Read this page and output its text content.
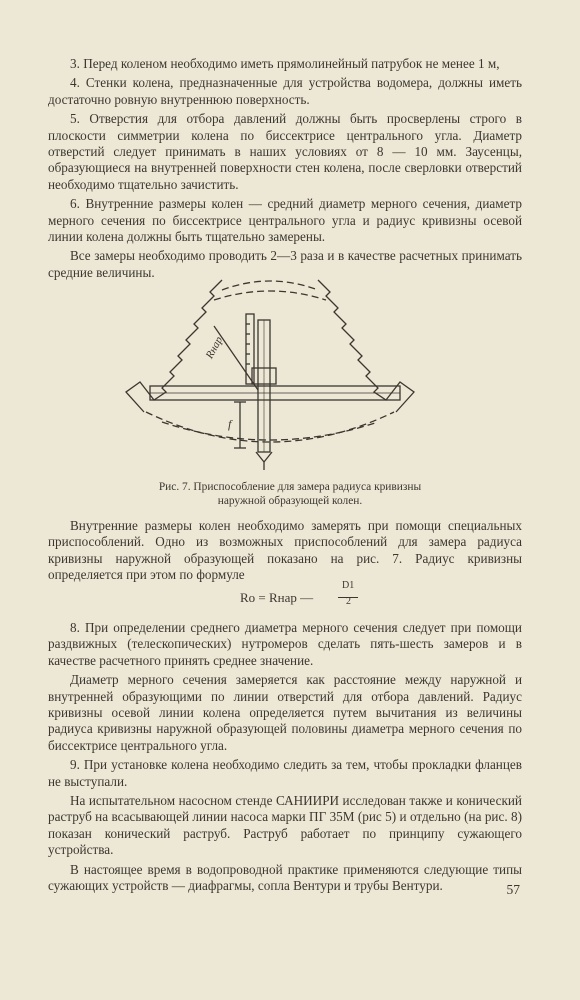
3. Перед коленом необходимо иметь прямолинейный патрубок не менее 1 м,

4. Стенки колена, предназначенные для устройства водомера, должны иметь достаточно ровную внутреннюю поверхность.

5. Отверстия для отбора давлений должны быть просверлены строго в плоскости симметрии колена по биссектрисе центрального угла. Диаметр отверстий следует принимать в наших условиях от 8 — 10 мм. Заусенцы, образующиеся на внутренней поверхности стен колена, после сверловки отверстий необходимо тщательно зачистить.

6. Внутренние размеры колен — средний диаметр мерного сечения, диаметр мерного сечения по биссектрисе центрального угла и радиус кривизны осевой линии колена должны быть тщательно замерены.

Все замеры необходимо проводить 2—3 раза и в качестве расчетных принимать средние величины.

Rнар
f
Рис. 7. Приспособление для замера радиуса кривизны
наружной образующей колен.

Внутренние размеры колен необходимо замерять при помощи специальных приспособлений. Одно из возможных приспособлений для замера радиуса кривизны наружной образующей показано на рис. 7. Радиус кривизны определяется при этом по формуле

Rо = Rнар —
D1
2

8. При определении среднего диаметра мерного сечения следует при помощи раздвижных (телескопических) нутромеров сделать пять-шесть замеров и в качестве расчетного принять среднее значение.

Диаметр мерного сечения замеряется как расстояние между наружной и внутренней образующими по линии отверстий для отбора давлений. Радиус кривизны осевой линии колена определяется путем вычитания из величины радиуса кривизны наружной образующей половины диаметра мерного сечения по биссектрисе центрального угла.

9. При установке колена необходимо следить за тем, чтобы прокладки фланцев не выступали.

На испытательном насосном стенде САНИИРИ исследован также и конический раструб на всасывающей линии насоса марки ПГ 35М (рис 5) и отдельно (на рис. 8) показан конический раструб. Раструб работает по принципу сужающего устройства.

В настоящее время в водопроводной практике применяются следующие типы сужающих устройств — диафрагмы, сопла Вентури и трубы Вентури.	57
